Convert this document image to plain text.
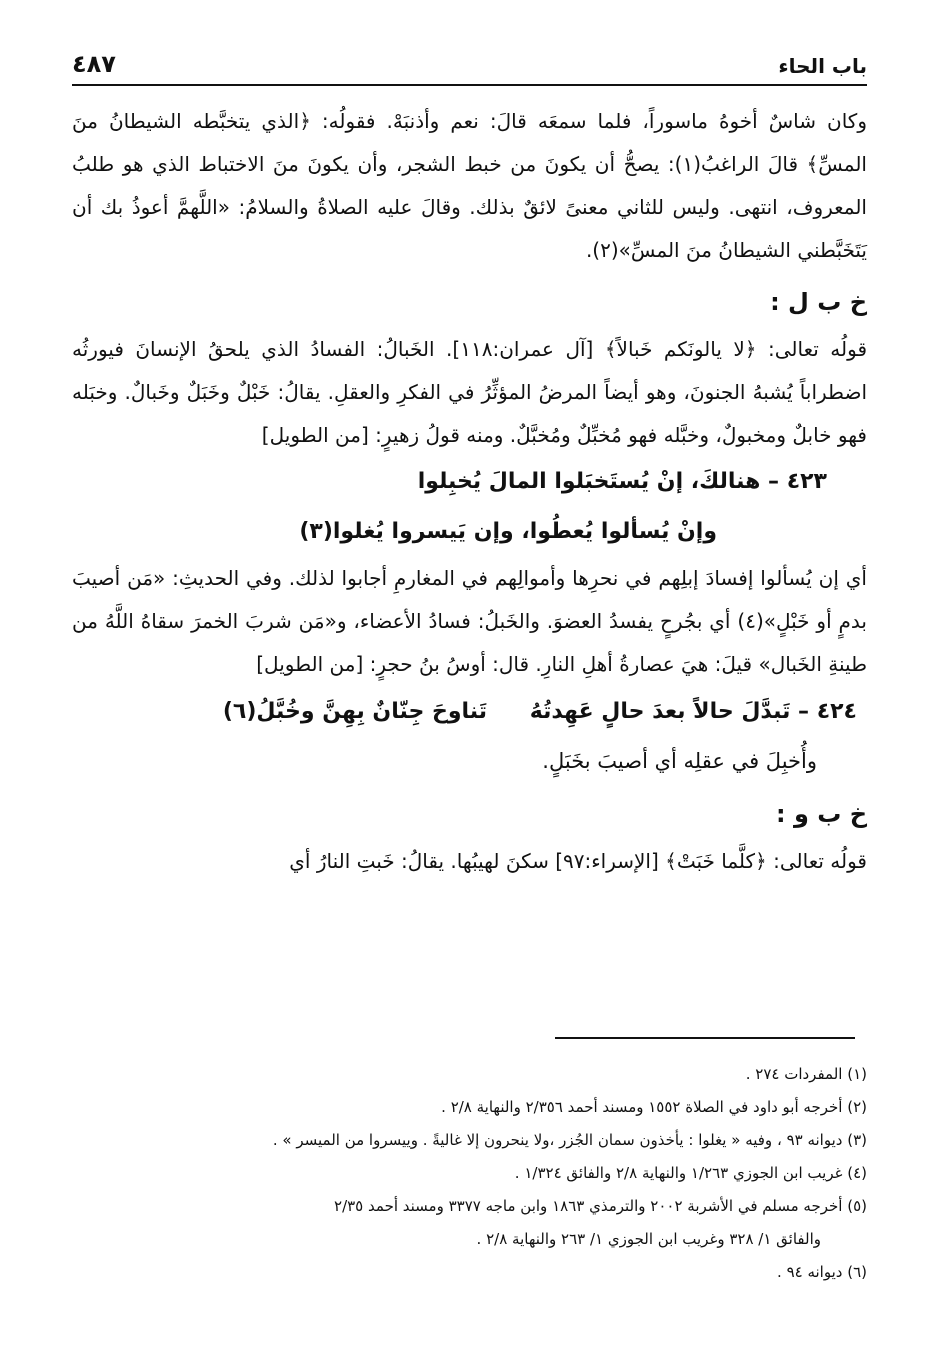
باب الحاء
٤٨٧

وكان شاسٌ أخوهُ ماسوراً، فلما سمعَه قالَ: نعم وأذنبَهْ. فقولُه: ﴿الذي يتخبَّطه الشيطانُ منَ المسِّ﴾ قالَ الراغبُ(١): يصحُّ أن يكونَ من خبط الشجر، وأن يكونَ منَ الاختباط الذي هو طلبُ المعروف، انتهى. وليس للثاني معنىً لائقٌ بذلك. وقالَ عليه الصلاةُ والسلامُ: «اللَّهمَّ أعوذُ بك أن يَتَخَبَّطني الشيطانُ منَ المسِّ»(٢).

خ ب ل :

قولُه تعالى: ﴿لا يالونَكم خَبالاً﴾ [آل عمران:١١٨]. الخَبالُ: الفسادُ الذي يلحقُ الإنسانَ فيورثُه اضطراباً يُشبهُ الجنونَ، وهو أيضاً المرضُ المؤثِّرُ في الفكرِ والعقلِ. يقالُ: خَبْلٌ وخَبَلٌ وخَبالٌ. وخبَله فهو خابلٌ ومخبولٌ، وخبَّله فهو مُخبِّلٌ ومُخبَّلٌ. ومنه قولُ زهيرٍ: [من الطويل]

٤٢٣ – هنالكَ، إنْ يُستَخبَلوا المالَ يُخبِلوا
وإنْ يُسألوا يُعطُوا، وإن يَيسروا يُغلوا(٣)

أي إن يُسألوا إفسادَ إبلِهم في نحرِها وأموالِهم في المغارمِ أجابوا لذلك. وفي الحديثِ: «مَن أصيبَ بدمٍ أو خَبْلٍ»(٤) أي بجُرحٍ يفسدُ العضوَ. والخَبلُ: فسادُ الأعضاء، و«مَن شربَ الخمرَ سقاهُ اللَّهُ من طينةِ الخَبال» قيلَ: هيَ عصارةُ أهلِ النارِ. قال: أوسُ بنُ حجرٍ: [من الطويل]

٤٢٤ – تَبدَّلَ حالاً بعدَ حالٍ عَهِدتُهُ
تَناوحَ جِنّانٌ بِهِنَّ وخُبَّلُ(٦)
وأُخبِلَ في عقلِه أي أصيبَ بخَبَلٍ.
خ ب و :

قولُه تعالى: ﴿كلَّما خَبَتْ﴾ [الإسراء:٩٧] سكنَ لهيبُها. يقالُ: خَبتِ النارُ أي

(١) المفردات ٢٧٤ .

(٢) أخرجه أبو داود في الصلاة ١٥٥٢ ومسند أحمد ٢/٣٥٦ والنهاية ٢/٨ .

(٣) ديوانه ٩٣ ، وفيه « يغلوا : يأخذون سمان الجُزر ،ولا ينحرون إلا غاليةً . وييسروا من الميسر » .

(٤) غريب ابن الجوزي ١/٢٦٣ والنهاية ٢/٨ والفائق ١/٣٢٤ .

(٥) أخرجه مسلم في الأشربة ٢٠٠٢ والترمذي ١٨٦٣ وابن ماجه ٣٣٧٧ ومسند أحمد ٢/٣٥

والفائق ١/ ٣٢٨ وغريب ابن الجوزي ١/ ٢٦٣ والنهاية ٢/٨ .

(٦) ديوانه ٩٤ .
